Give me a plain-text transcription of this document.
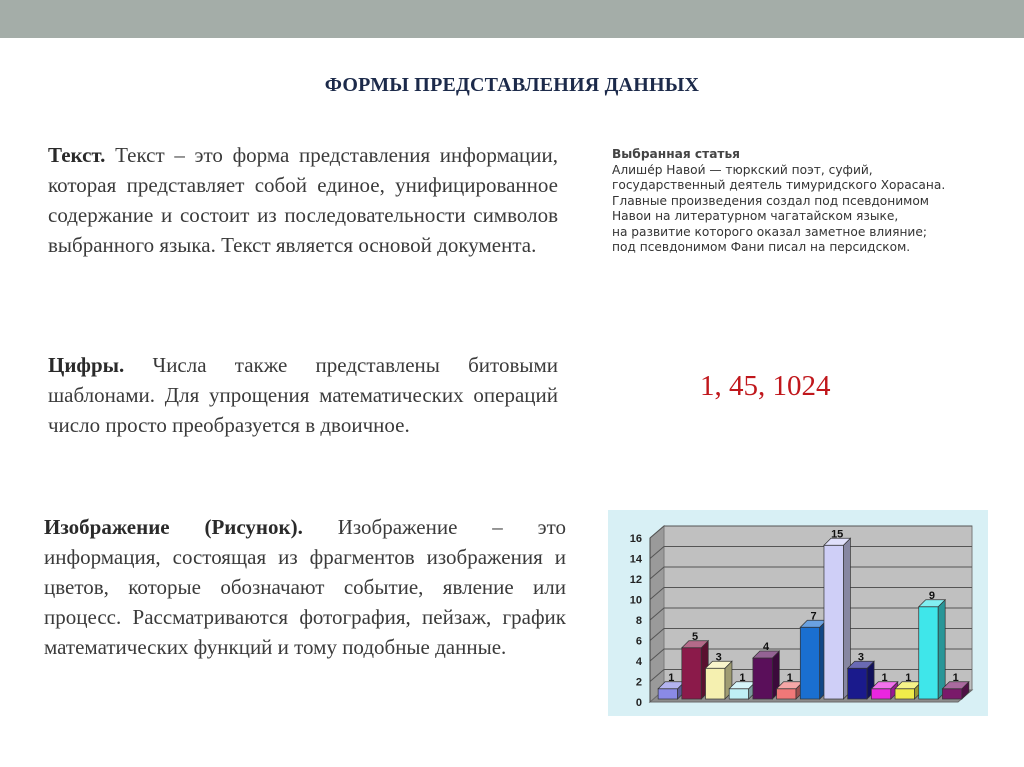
ФОРМЫ ПРЕДСТАВЛЕНИЯ ДАННЫХ
Текст. Текст – это форма представления информации, которая представляет собой единое, унифицированное содержание и состоит из последовательности символов выбранного языка. Текст является основой документа.
Цифры. Числа также представлены битовыми шаблонами. Для упрощения математических операций число просто преобразуется в двоичное.
Изображение (Рисунок). Изображение – это информация, состоящая из фрагментов изображения и цветов, которые обозначают событие, явление или процесс. Рассматриваются фотография, пейзаж, график математических функций и тому подобные данные.
Выбранная статья
Алише́р Навои́ — тюркский поэт, суфий,
государственный деятель тимуридского Хорасана.
Главные произведения создал под псевдонимом
Навои на литературном чагатайском языке,
на развитие которого оказал заметное влияние;
под псевдонимом Фани писал на персидском.
1, 45, 1024
0
2
4
6
8
10
12
14
16
1
5
3
1
4
1
7
15
3
1 1
9
1
